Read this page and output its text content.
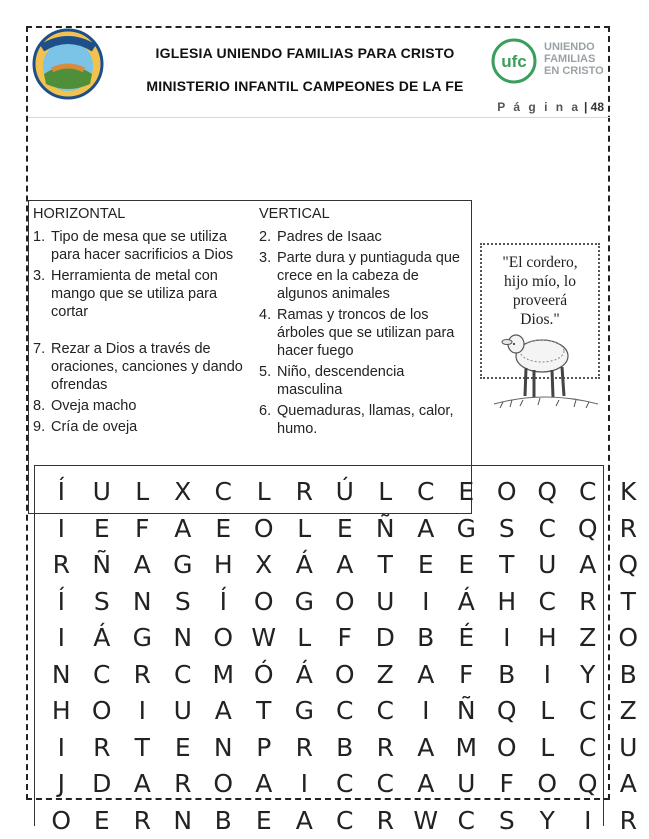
IGLESIA UNIENDO FAMILIAS PARA CRISTO
MINISTERIO INFANTIL CAMPEONES DE LA FE
ufc
UNIENDO
FAMILIAS
EN CRISTO
P á g i n a | 48
HORIZONTAL
1. Tipo de mesa que se utiliza para hacer sacrificios a Dios
3. Herramienta de metal con mango que se utiliza para cortar
7. Rezar a Dios a través de oraciones, canciones y dando ofrendas
8. Oveja macho
9. Cría de oveja
VERTICAL
2. Padres de Isaac
3. Parte dura y puntiaguda que crece en la cabeza de algunos animales
4. Ramas y troncos de los árboles que se utilizan para hacer fuego
5. Niño, descendencia masculina
6. Quemaduras, llamas, calor, humo.
"El cordero,
hijo mío, lo
proveerá
Dios."
Í	U L X C L R Ú L C E O Q C K
I	E	F A E O L	E Ñ A G S C Q R
R Ñ A G H X Á A T E E T U A Q
Í	S N S	Í	O G O U	I	Á H C R T
I	Á G N O W L	F D B É	I	H Z O
N C R C M Ó Á O Z A F B	I	Y B
H O	I	U A T G C C	I	Ñ Q L C Z
I	R T E N P R B R A M O L C U
J	D A R O A	I	C C A U F O Q A
O E R N B E A C R W C S Y	I	R
